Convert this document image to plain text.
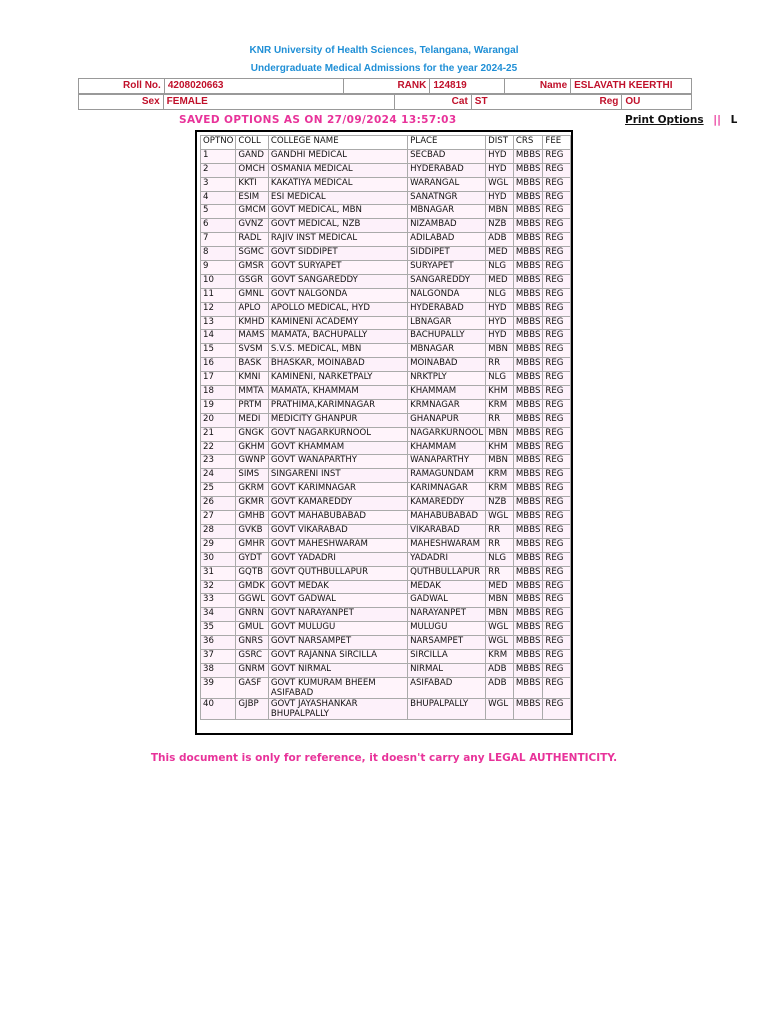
KNR University of Health Sciences, Telangana, Warangal
Undergraduate Medical Admissions for the year 2024-25
Roll No.	4208020663	RANK	124819	Name	ESLAVATH KEERTHI
Sex	FEMALE	Cat	ST	Reg	OU
SAVED OPTIONS AS ON 27/09/2024 13:57:03	Print Options || L
OPTNO	COLL	COLLEGE NAME	PLACE	DIST	CRS	FEE
1	GAND	GANDHI MEDICAL	SECBAD	HYD	MBBS	REG
2	OMCH	OSMANIA MEDICAL	HYDERABAD	HYD	MBBS	REG
3	KKTI	KAKATIYA MEDICAL	WARANGAL	WGL	MBBS	REG
4	ESIM	ESI MEDICAL	SANATNGR	HYD	MBBS	REG
5	GMCM	GOVT MEDICAL, MBN	MBNAGAR	MBN	MBBS	REG
6	GVNZ	GOVT MEDICAL, NZB	NIZAMBAD	NZB	MBBS	REG
7	RADL	RAJIV INST MEDICAL	ADILABAD	ADB	MBBS	REG
8	SGMC	GOVT SIDDIPET	SIDDIPET	MED	MBBS	REG
9	GMSR	GOVT SURYAPET	SURYAPET	NLG	MBBS	REG
10	GSGR	GOVT SANGAREDDY	SANGAREDDY	MED	MBBS	REG
11	GMNL	GOVT NALGONDA	NALGONDA	NLG	MBBS	REG
12	APLO	APOLLO MEDICAL, HYD	HYDERABAD	HYD	MBBS	REG
13	KMHD	KAMINENI ACADEMY	LBNAGAR	HYD	MBBS	REG
14	MAMS	MAMATA, BACHUPALLY	BACHUPALLY	HYD	MBBS	REG
15	SVSM	S.V.S. MEDICAL, MBN	MBNAGAR	MBN	MBBS	REG
16	BASK	BHASKAR, MOINABAD	MOINABAD	RR	MBBS	REG
17	KMNI	KAMINENI, NARKETPALY	NRKTPLY	NLG	MBBS	REG
18	MMTA	MAMATA, KHAMMAM	KHAMMAM	KHM	MBBS	REG
19	PRTM	PRATHIMA,KARIMNAGAR	KRMNAGAR	KRM	MBBS	REG
20	MEDI	MEDICITY GHANPUR	GHANAPUR	RR	MBBS	REG
21	GNGK	GOVT NAGARKURNOOL	NAGARKURNOOL	MBN	MBBS	REG
22	GKHM	GOVT KHAMMAM	KHAMMAM	KHM	MBBS	REG
23	GWNP	GOVT WANAPARTHY	WANAPARTHY	MBN	MBBS	REG
24	SIMS	SINGARENI INST	RAMAGUNDAM	KRM	MBBS	REG
25	GKRM	GOVT KARIMNAGAR	KARIMNAGAR	KRM	MBBS	REG
26	GKMR	GOVT KAMAREDDY	KAMAREDDY	NZB	MBBS	REG
27	GMHB	GOVT MAHABUBABAD	MAHABUBABAD	WGL	MBBS	REG
28	GVKB	GOVT VIKARABAD	VIKARABAD	RR	MBBS	REG
29	GMHR	GOVT MAHESHWARAM	MAHESHWARAM	RR	MBBS	REG
30	GYDT	GOVT YADADRI	YADADRI	NLG	MBBS	REG
31	GQTB	GOVT QUTHBULLAPUR	QUTHBULLAPUR	RR	MBBS	REG
32	GMDK	GOVT MEDAK	MEDAK	MED	MBBS	REG
33	GGWL	GOVT GADWAL	GADWAL	MBN	MBBS	REG
34	GNRN	GOVT NARAYANPET	NARAYANPET	MBN	MBBS	REG
35	GMUL	GOVT MULUGU	MULUGU	WGL	MBBS	REG
36	GNRS	GOVT NARSAMPET	NARSAMPET	WGL	MBBS	REG
37	GSRC	GOVT RAJANNA SIRCILLA	SIRCILLA	KRM	MBBS	REG
38	GNRM	GOVT NIRMAL	NIRMAL	ADB	MBBS	REG
39	GASF	GOVT KUMURAM BHEEM ASIFABAD	ASIFABAD	ADB	MBBS	REG
40	GJBP	GOVT JAYASHANKAR BHUPALPALLY	BHUPALPALLY	WGL	MBBS	REG
This document is only for reference, it doesn't carry any LEGAL AUTHENTICITY.
